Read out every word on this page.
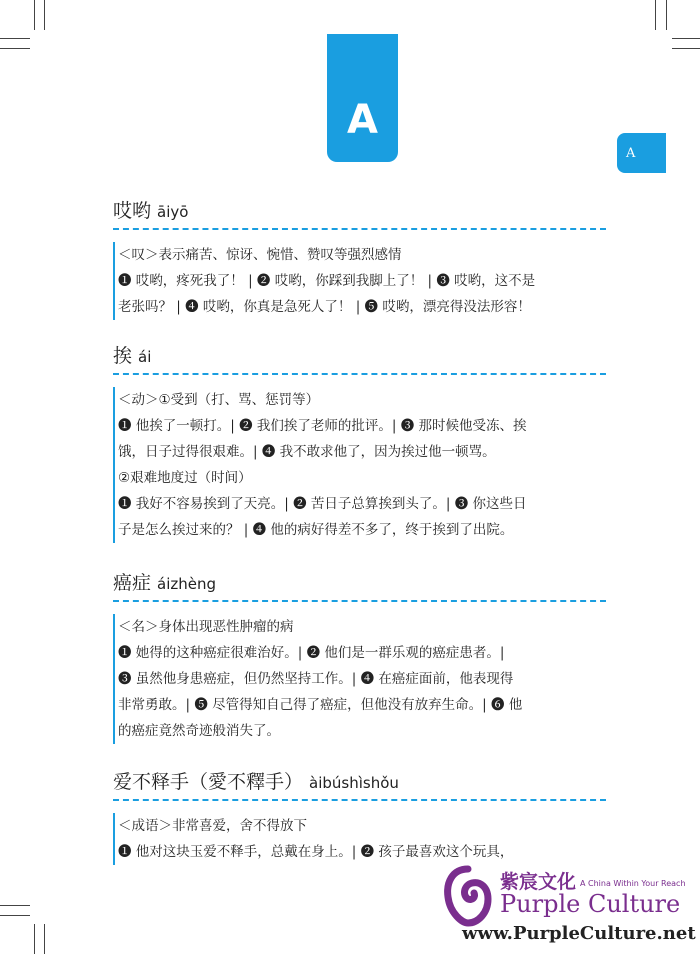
A
A
哎哟 āiyō
＜叹＞表示痛苦、惊讶、惋惜、赞叹等强烈感情
❶ 哎哟，疼死我了！ | ❷ 哎哟，你踩到我脚上了！ | ❸ 哎哟，这不是
老张吗？ | ❹ 哎哟，你真是急死人了！ | ❺ 哎哟，漂亮得没法形容！
挨 ái
＜动＞①受到（打、骂、惩罚等）
❶ 他挨了一顿打。| ❷ 我们挨了老师的批评。| ❸ 那时候他受冻、挨
饿，日子过得很艰难。| ❹ 我不敢求他了，因为挨过他一顿骂。
②艰难地度过（时间）
❶ 我好不容易挨到了天亮。| ❷ 苦日子总算挨到头了。| ❸ 你这些日
子是怎么挨过来的？ | ❹ 他的病好得差不多了，终于挨到了出院。
癌症 áizhèng
＜名＞身体出现恶性肿瘤的病
❶ 她得的这种癌症很难治好。| ❷ 他们是一群乐观的癌症患者。|
❸ 虽然他身患癌症，但仍然坚持工作。| ❹ 在癌症面前，他表现得
非常勇敢。| ❺ 尽管得知自己得了癌症，但他没有放弃生命。| ❻ 他
的癌症竟然奇迹般消失了。
爱不释手（愛不釋手） àibúshìshǒu
＜成语＞非常喜爱，舍不得放下
❶ 他对这块玉爱不释手，总戴在身上。| ❷ 孩子最喜欢这个玩具，
紫宸文化 A China Within Your Reach
Purple Culture
www.PurpleCulture.net
